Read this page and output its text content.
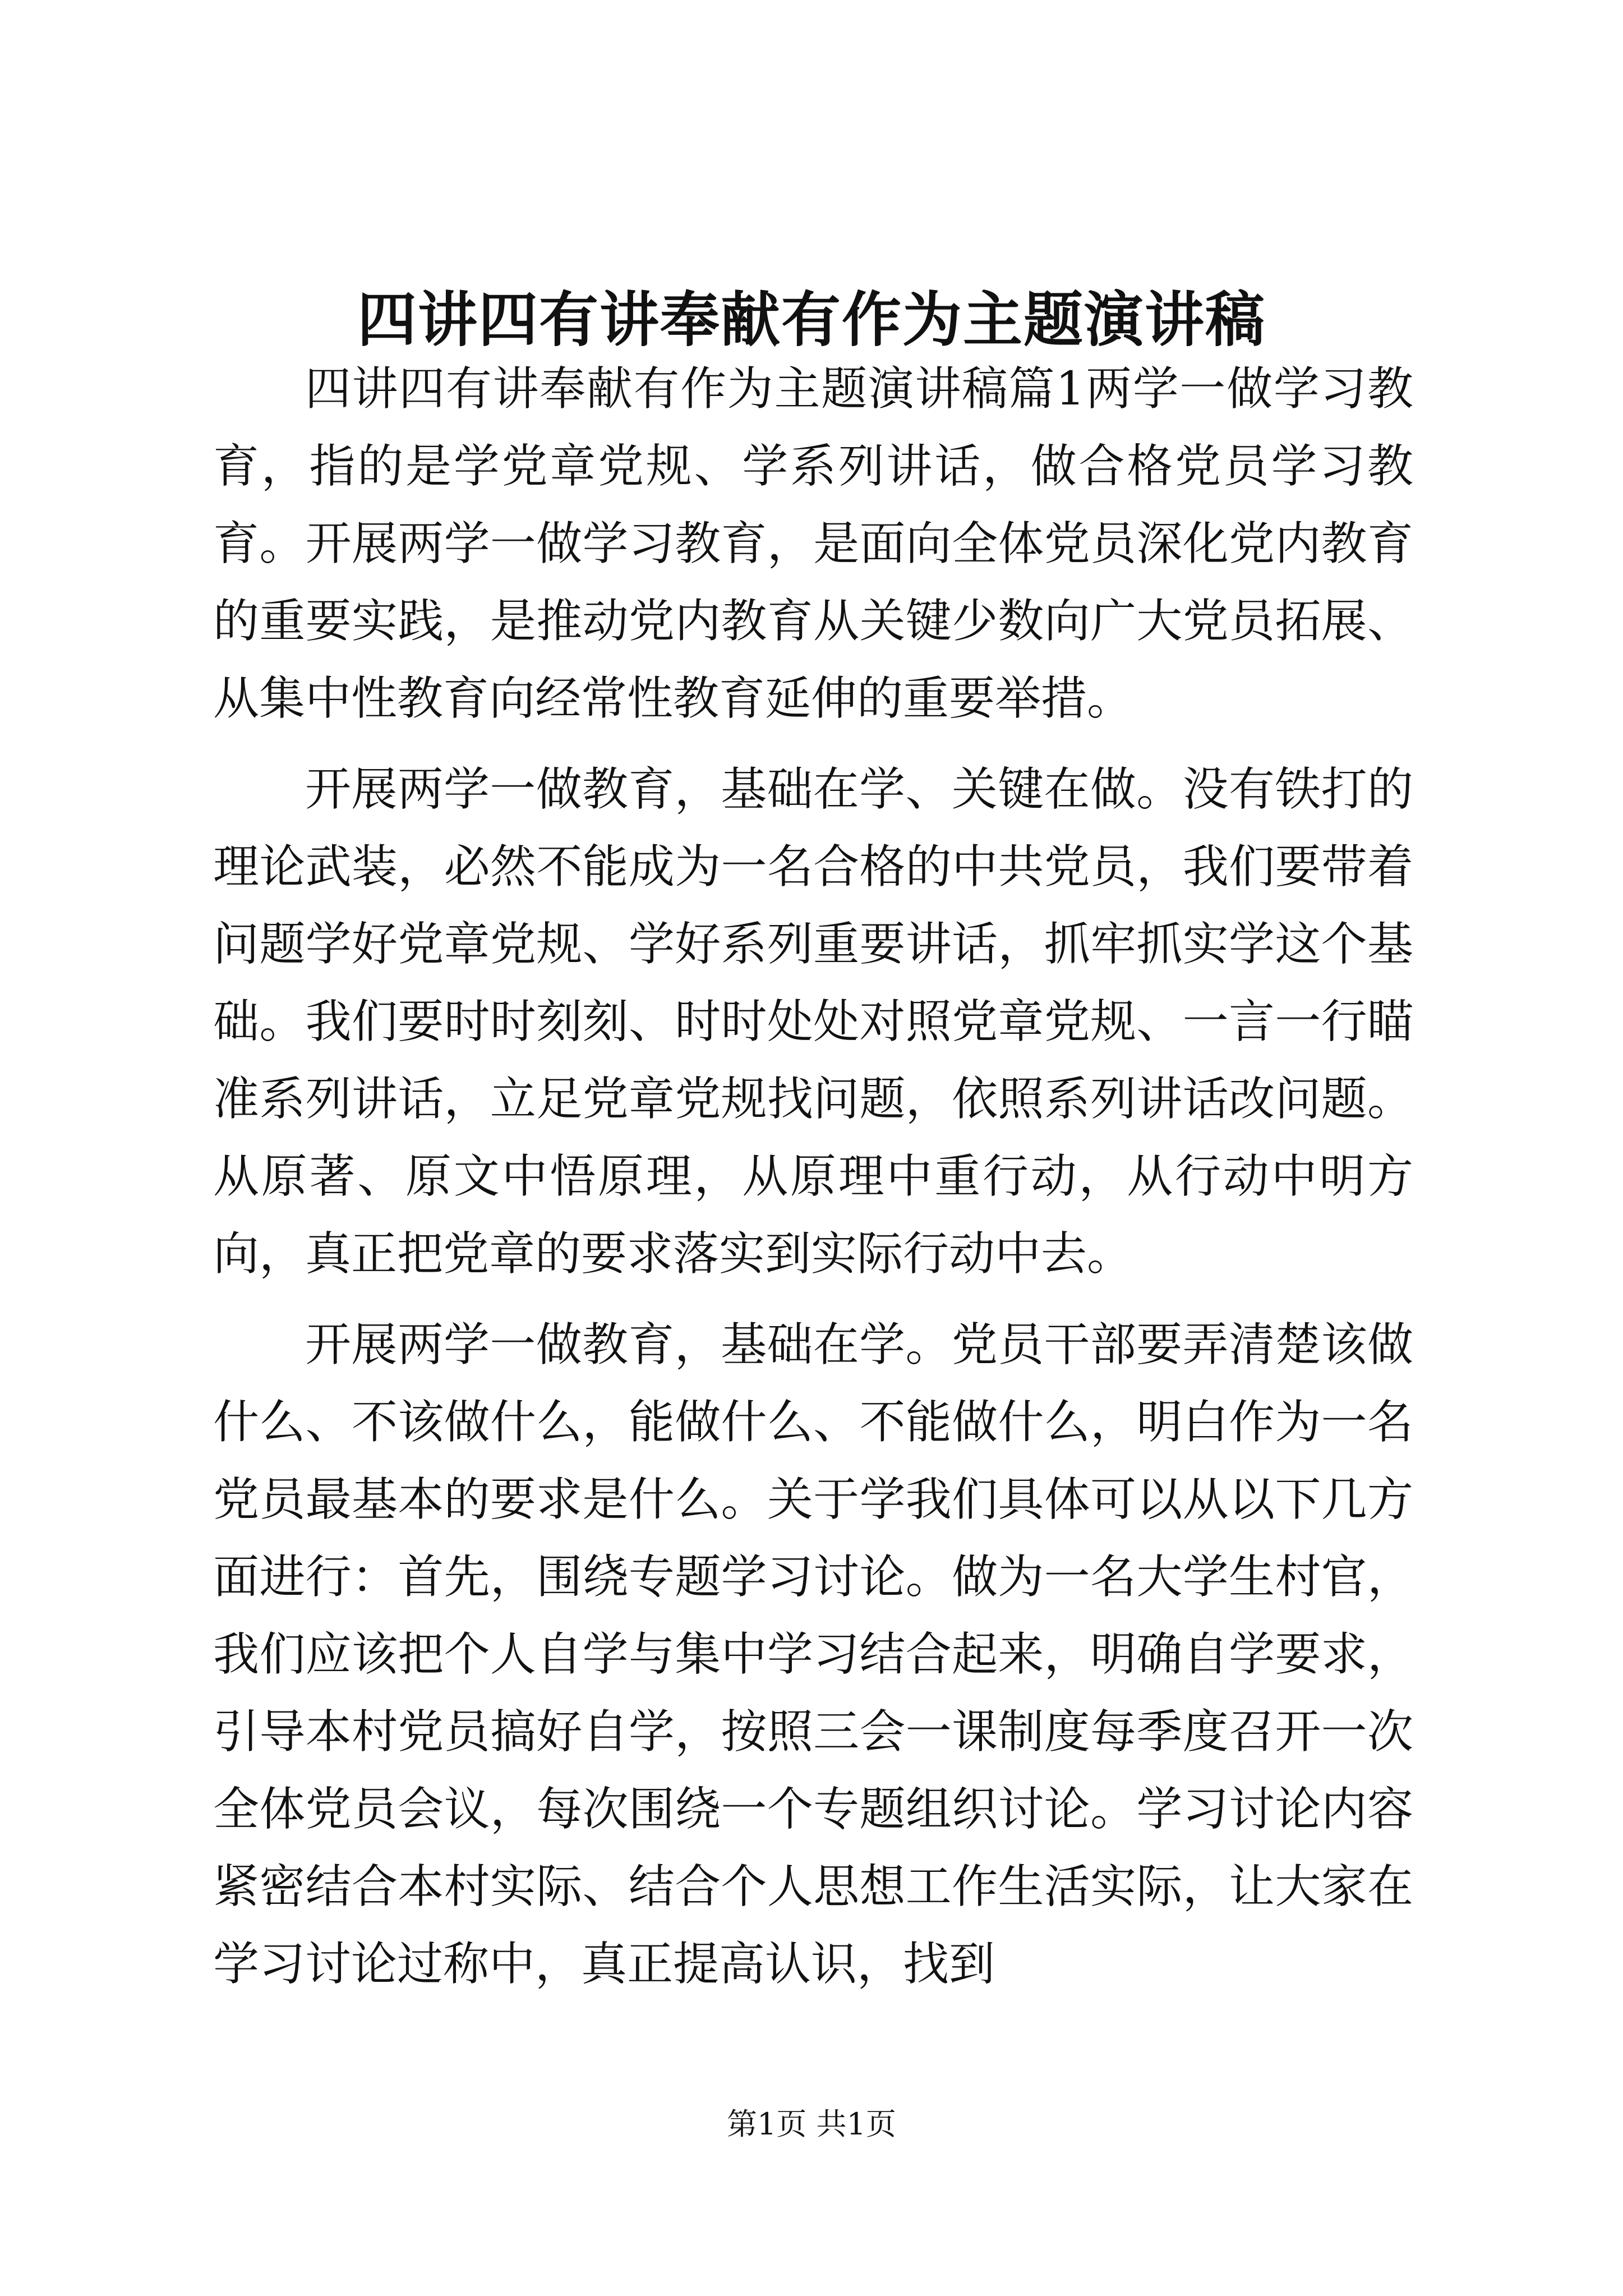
四讲四有讲奉献有作为主题演讲稿

四讲四有讲奉献有作为主题演讲稿篇1两学一做学习教育，指的是学党章党规、学系列讲话，做合格党员学习教育。开展两学一做学习教育，是面向全体党员深化党内教育的重要实践，是推动党内教育从关键少数向广大党员拓展、从集中性教育向经常性教育延伸的重要举措。

开展两学一做教育，基础在学、关键在做。没有铁打的理论武装，必然不能成为一名合格的中共党员，我们要带着问题学好党章党规、学好系列重要讲话，抓牢抓实学这个基础。我们要时时刻刻、时时处处对照党章党规、一言一行瞄准系列讲话，立足党章党规找问题，依照系列讲话改问题。从原著、原文中悟原理，从原理中重行动，从行动中明方向，真正把党章的要求落实到实际行动中去。

开展两学一做教育，基础在学。党员干部要弄清楚该做什么、不该做什么，能做什么、不能做什么，明白作为一名党员最基本的要求是什么。关于学我们具体可以从以下几方面进行：首先，围绕专题学习讨论。做为一名大学生村官，我们应该把个人自学与集中学习结合起来，明确自学要求，引导本村党员搞好自学，按照三会一课制度每季度召开一次全体党员会议，每次围绕一个专题组织讨论。学习讨论内容紧密结合本村实际、结合个人思想工作生活实际，让大家在学习讨论过称中，真正提高认识，找到

第1页 共1页
